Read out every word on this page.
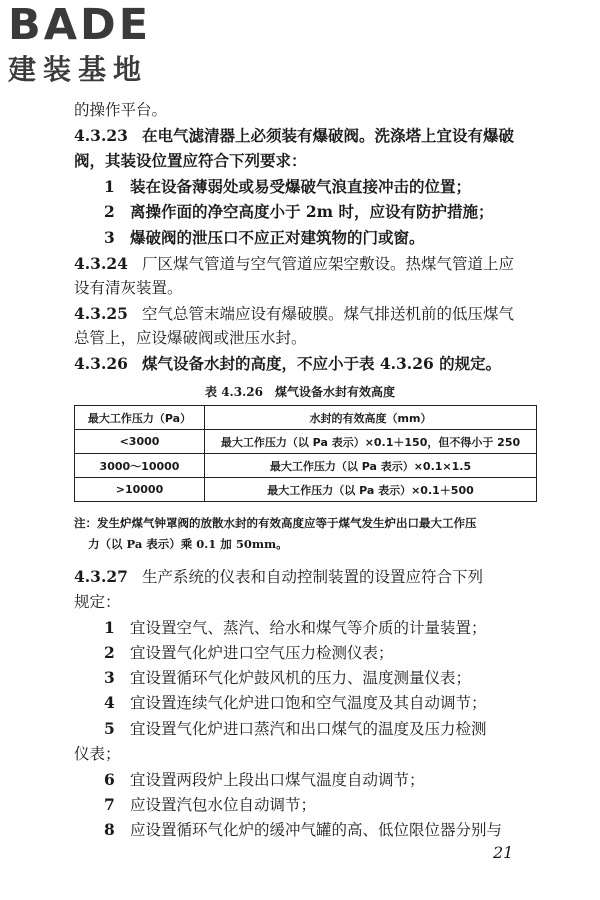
BADE
建装基地
的操作平台。
4.3.23 在电气滤清器上必须装有爆破阀。洗涤塔上宜设有爆破
阀，其装设位置应符合下列要求：
1 装在设备薄弱处或易受爆破气浪直接冲击的位置；
2 离操作面的净空高度小于 2m 时，应设有防护措施；
3 爆破阀的泄压口不应正对建筑物的门或窗。
4.3.24 厂区煤气管道与空气管道应架空敷设。热煤气管道上应
设有清灰装置。
4.3.25 空气总管末端应设有爆破膜。煤气排送机前的低压煤气
总管上，应设爆破阀或泄压水封。
4.3.26 煤气设备水封的高度，不应小于表 4.3.26 的规定。
表 4.3.26　煤气设备水封有效高度
最大工作压力（Pa）	水封的有效高度（mm）
<3000	最大工作压力（以 Pa 表示）×0.1＋150，但不得小于 250
3000～10000	最大工作压力（以 Pa 表示）×0.1×1.5
>10000	最大工作压力（以 Pa 表示）×0.1＋500
注：发生炉煤气钟罩阀的放散水封的有效高度应等于煤气发生炉出口最大工作压
力（以 Pa 表示）乘 0.1 加 50mm。
4.3.27 生产系统的仪表和自动控制装置的设置应符合下列
规定：
1 宜设置空气、蒸汽、给水和煤气等介质的计量装置；
2 宜设置气化炉进口空气压力检测仪表；
3 宜设置循环气化炉鼓风机的压力、温度测量仪表；
4 宜设置连续气化炉进口饱和空气温度及其自动调节；
5 宜设置气化炉进口蒸汽和出口煤气的温度及压力检测
仪表；
6 宜设置两段炉上段出口煤气温度自动调节；
7 应设置汽包水位自动调节；
8 应设置循环气化炉的缓冲气罐的高、低位限位器分别与
21
